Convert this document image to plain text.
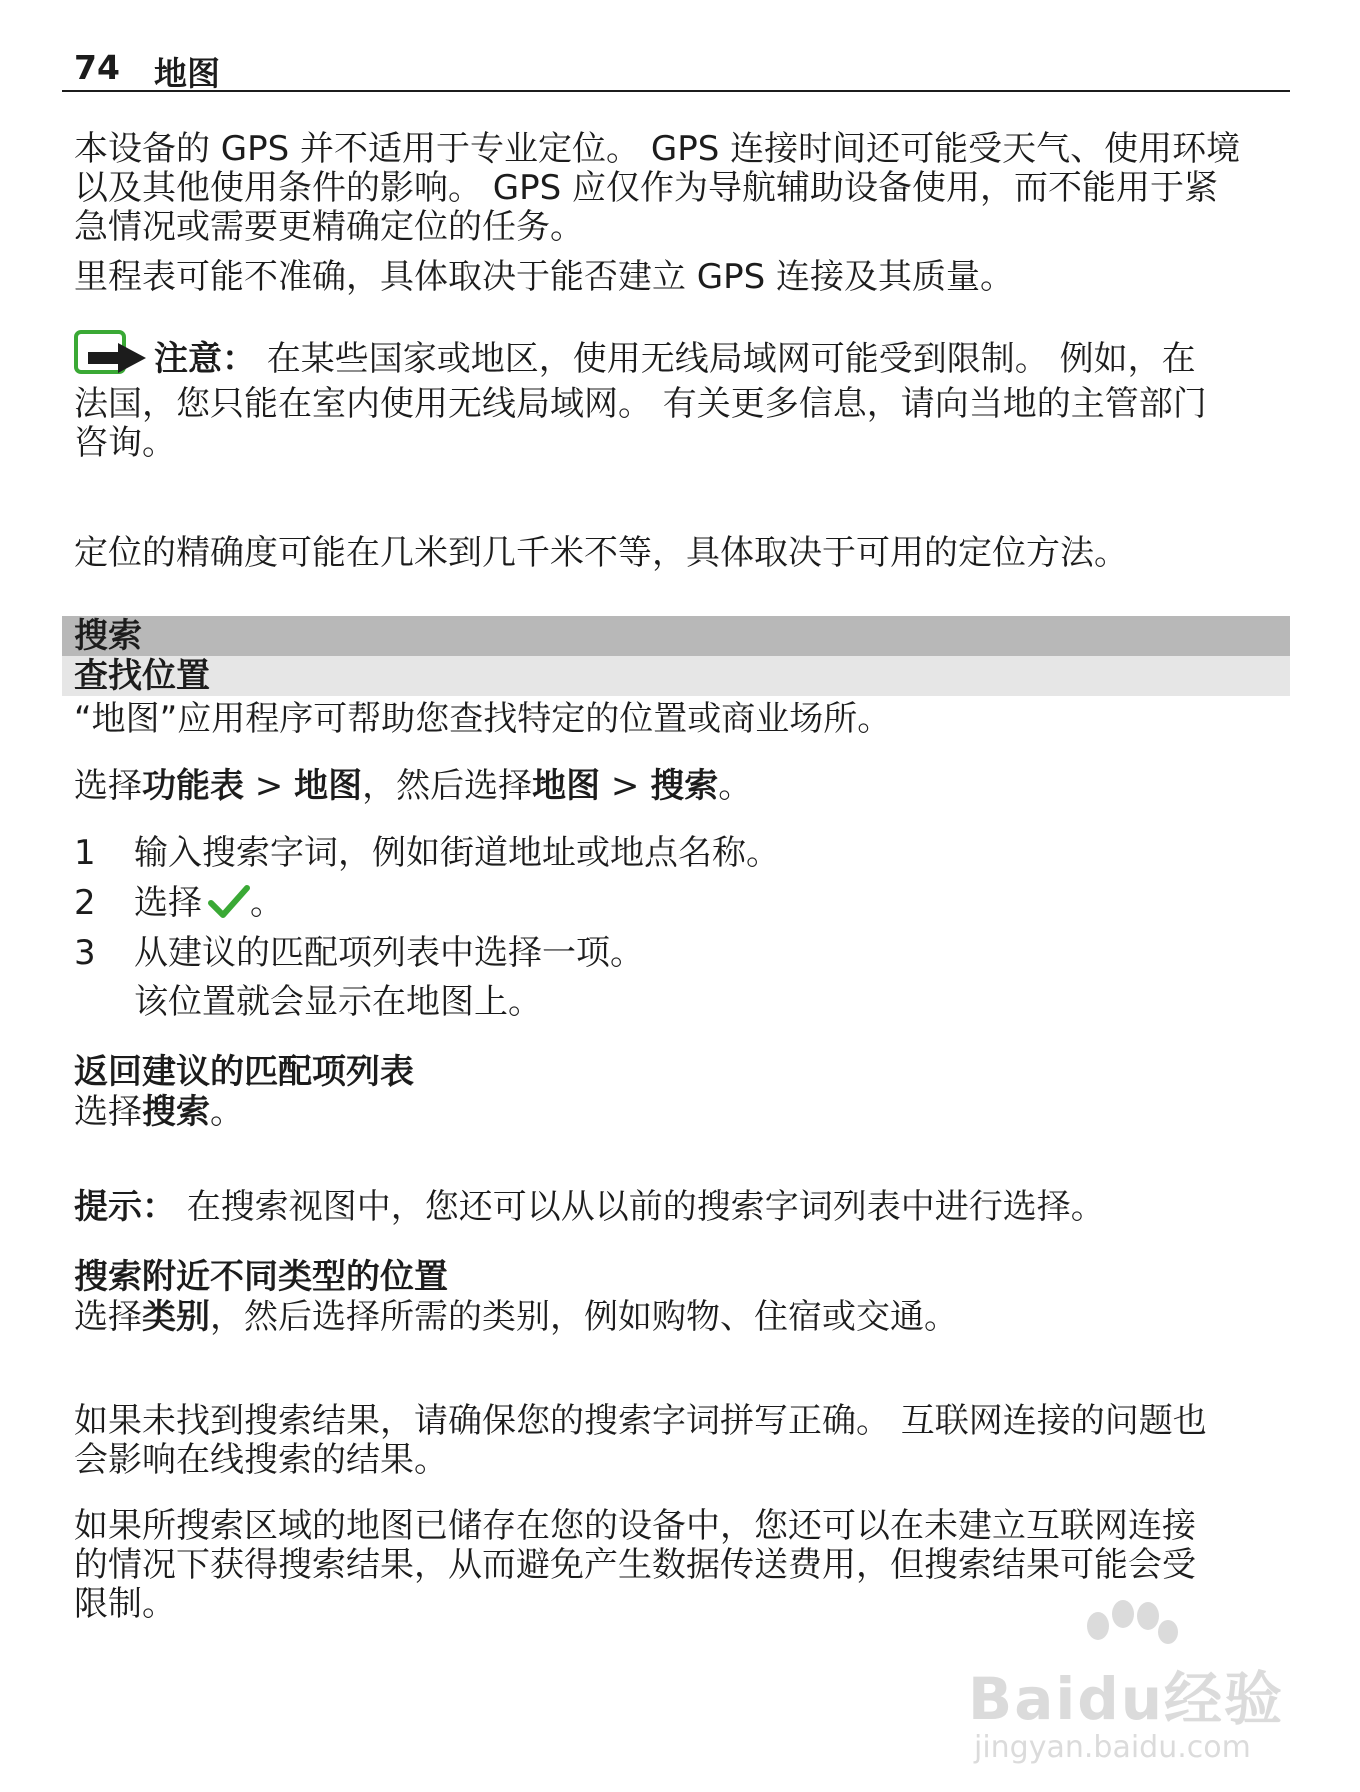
74 地图

本设备的 GPS 并不适用于专业定位。 GPS 连接时间还可能受天气、使用环境
以及其他使用条件的影响。 GPS 应仅作为导航辅助设备使用，而不能用于紧
急情况或需要更精确定位的任务。

里程表可能不准确，具体取决于能否建立 GPS 连接及其质量。

注意： 在某些国家或地区，使用无线局域网可能受到限制。 例如，在
法国，您只能在室内使用无线局域网。 有关更多信息，请向当地的主管部门
咨询。

定位的精确度可能在几米到几千米不等，具体取决于可用的定位方法。

搜索
查找位置

“地图”应用程序可帮助您查找特定的位置或商业场所。

选择功能表 > 地图，然后选择地图 > 搜索。

1 输入搜索字词，例如街道地址或地点名称。
2 选择 。
3 从建议的匹配项列表中选择一项。
该位置就会显示在地图上。

返回建议的匹配项列表

选择搜索。

提示： 在搜索视图中，您还可以从以前的搜索字词列表中进行选择。

搜索附近不同类型的位置

选择类别，然后选择所需的类别，例如购物、住宿或交通。

如果未找到搜索结果，请确保您的搜索字词拼写正确。 互联网连接的问题也
会影响在线搜索的结果。

如果所搜索区域的地图已储存在您的设备中，您还可以在未建立互联网连接
的情况下获得搜索结果，从而避免产生数据传送费用，但搜索结果可能会受
限制。

Baidu经验
jingyan.baidu.com
